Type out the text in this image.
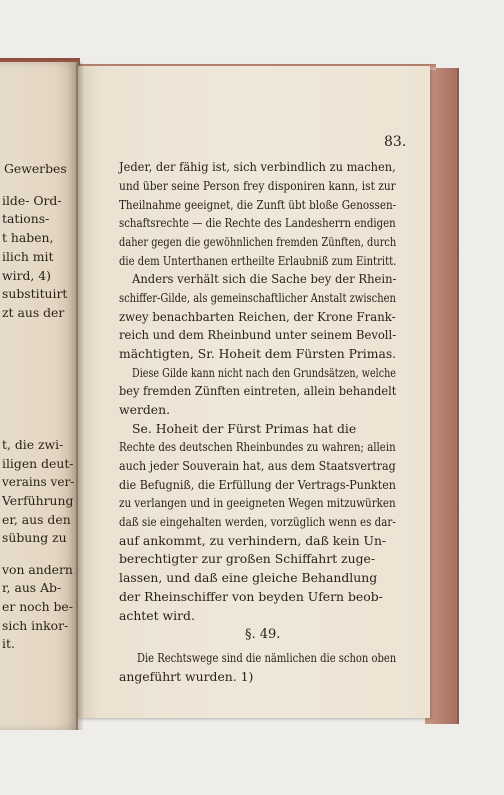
83.
Jeder, der fähig ist, sich verbindlich zu machen,
und über seine Person frey disponiren kann, ist zur
Theilnahme geeignet, die Zunft übt bloße Genossen-
schaftsrechte — die Rechte des Landesherrn endigen
daher gegen die gewöhnlichen fremden Zünften, durch
die dem Unterthanen ertheilte Erlaubniß zum Eintritt.
Anders verhält sich die Sache bey der Rhein-
schiffer-Gilde, als gemeinschaftlicher Anstalt zwischen
zwey benachbarten Reichen, der Krone Frank-
reich und dem Rheinbund unter seinem Bevoll-
mächtigten, Sr. Hoheit dem Fürsten Primas.
Diese Gilde kann nicht nach den Grundsätzen, welche
bey fremden Zünften eintreten, allein behandelt
werden.
Se. Hoheit der Fürst Primas hat die
Rechte des deutschen Rheinbundes zu wahren; allein
auch jeder Souverain hat, aus dem Staatsvertrag
die Befugniß, die Erfüllung der Vertrags-Punkten
zu verlangen und in geeigneten Wegen mitzuwürken
daß sie eingehalten werden, vorzüglich wenn es dar-
auf ankommt, zu verhindern, daß kein Un-
berechtigter zur großen Schiffahrt zuge-
lassen, und daß eine gleiche Behandlung
der Rheinschiffer von beyden Ufern beob-
achtet wird.
§. 49.
Die Rechtswege sind die nämlichen die schon oben
angeführt wurden. 1)
Gewerbes
ilde- Ord-
tations-
t haben,
ilich mit
wird, 4)
substituirt
zt aus der
t, die zwi-
iligen deut-
verains ver-
Verführung
er, aus den
sübung zu
von andern
r, aus Ab-
er noch be-
sich inkor-
it.
